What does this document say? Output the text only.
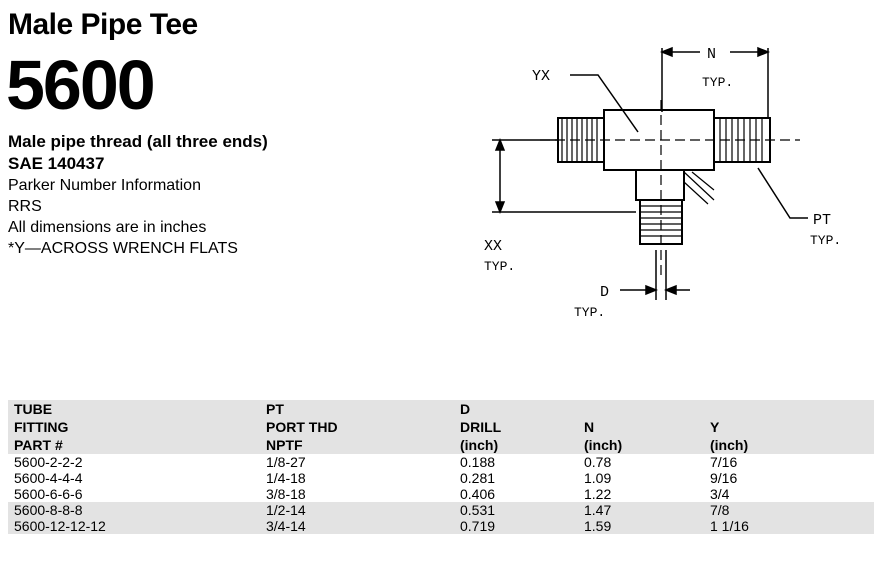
Male Pipe Tee
5600
Male pipe thread (all three ends)
SAE 140437
Parker Number Information
RRS
All dimensions are in inches
*Y—ACROSS WRENCH FLATS
YX
N
TYP.
PT
TYP.
XX
TYP.
D
TYP.
TUBE	PT	D		
FITTING	PORT THD	DRILL	N	Y
PART #	NPTF	(inch)	(inch)	(inch)
5600-2-2-2	1/8-27	0.188	0.78	7/16
5600-4-4-4	1/4-18	0.281	1.09	9/16
5600-6-6-6	3/8-18	0.406	1.22	3/4
5600-8-8-8	1/2-14	0.531	1.47	7/8
5600-12-12-12	3/4-14	0.719	1.59	1 1/16
